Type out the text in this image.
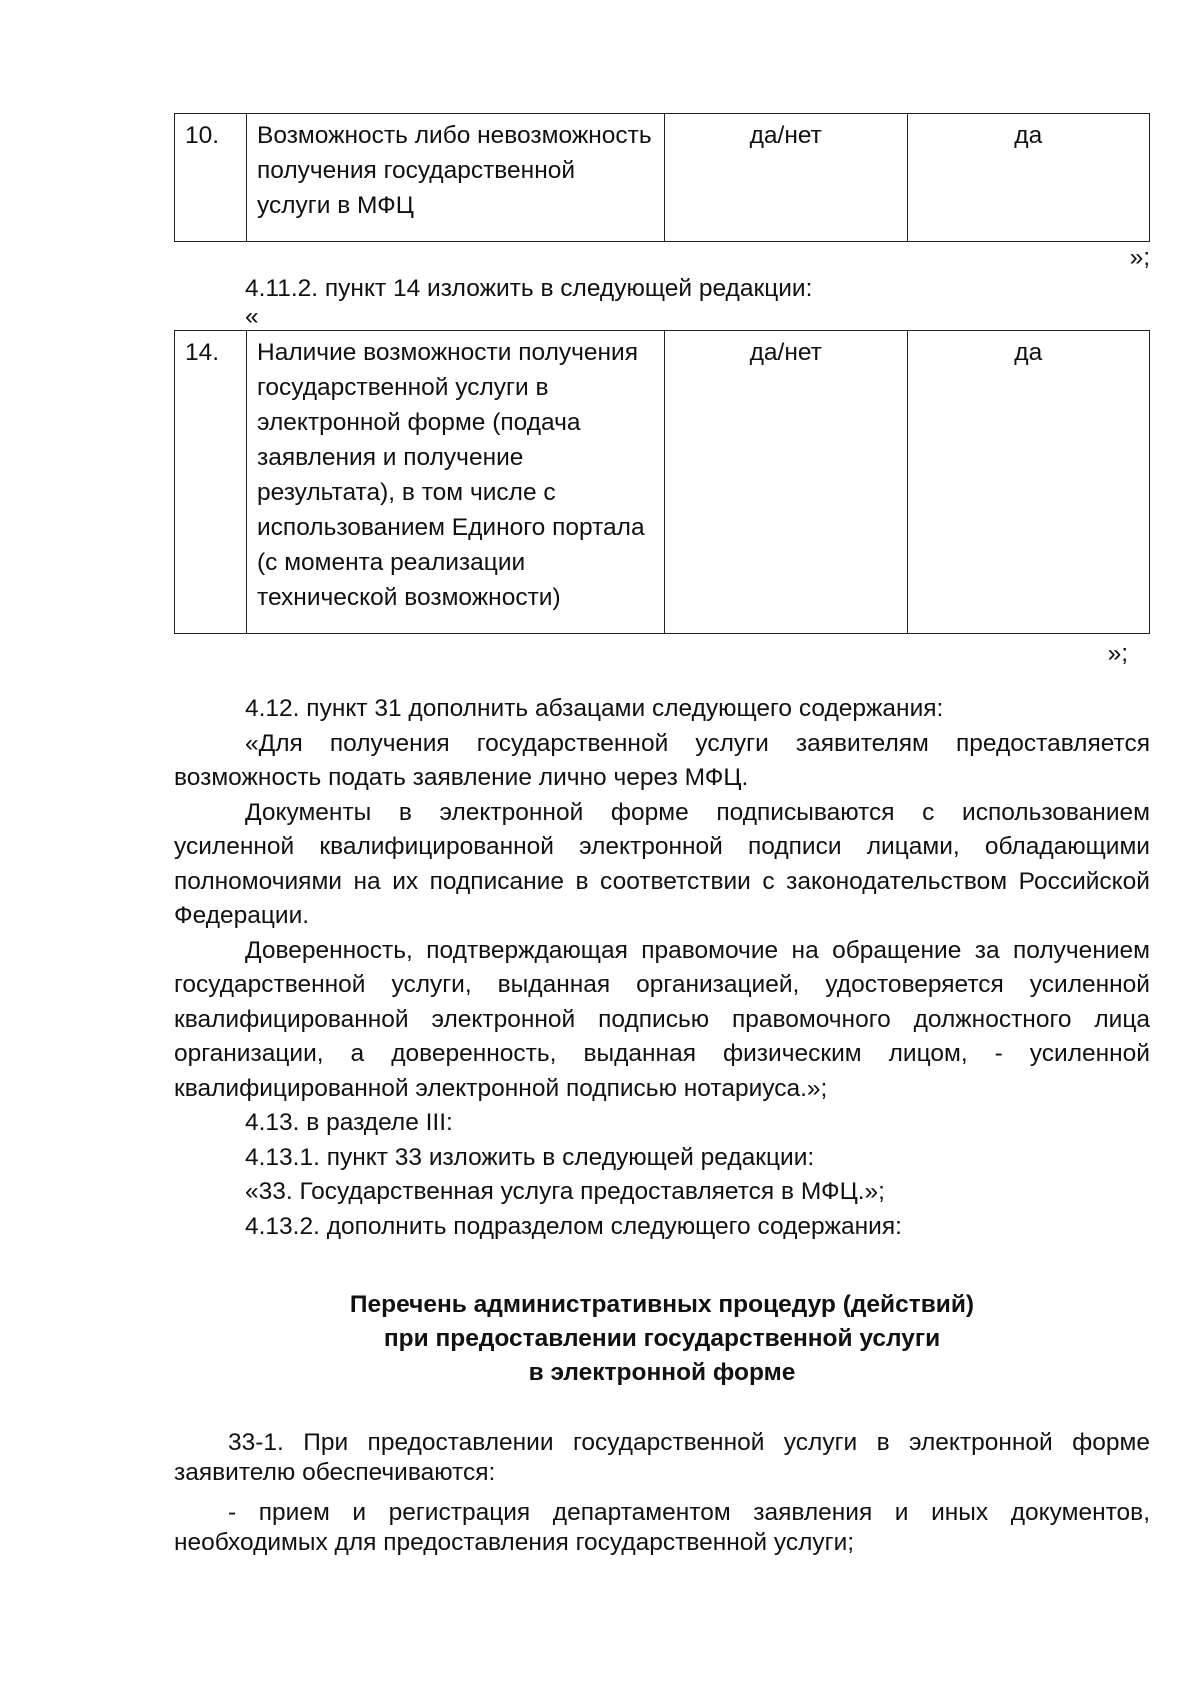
10.	Возможность либо невозможность получения государственной услуги в МФЦ	да/нет	да
»;

4.11.2. пункт 14 изложить в следующей редакции:

«

14.	Наличие возможности получения государственной услуги в электронной форме (подача заявления и получение результата), в том числе с использованием Единого портала (с момента реализации технической возможности)	да/нет	да
»;

4.12. пункт 31 дополнить абзацами следующего содержания:

«Для получения государственной услуги заявителям предоставляется возможность подать заявление лично через МФЦ.

Документы в электронной форме подписываются с использованием усиленной квалифицированной электронной подписи лицами, обладающими полномочиями на их подписание в соответствии с законодательством Российской Федерации.

Доверенность, подтверждающая правомочие на обращение за получением государственной услуги, выданная организацией, удостоверяется усиленной квалифицированной электронной подписью правомочного должностного лица организации, а доверенность, выданная физическим лицом, - усиленной квалифицированной электронной подписью нотариуса.»;

4.13. в разделе III:

4.13.1. пункт 33 изложить в следующей редакции:

«33. Государственная услуга предоставляется в МФЦ.»;

4.13.2. дополнить подразделом следующего содержания:

Перечень административных процедур (действий)
при предоставлении государственной услуги
в электронной форме

33-1. При предоставлении государственной услуги в электронной форме заявителю обеспечиваются:

- прием и регистрация департаментом заявления и иных документов, необходимых для предоставления государственной услуги;
